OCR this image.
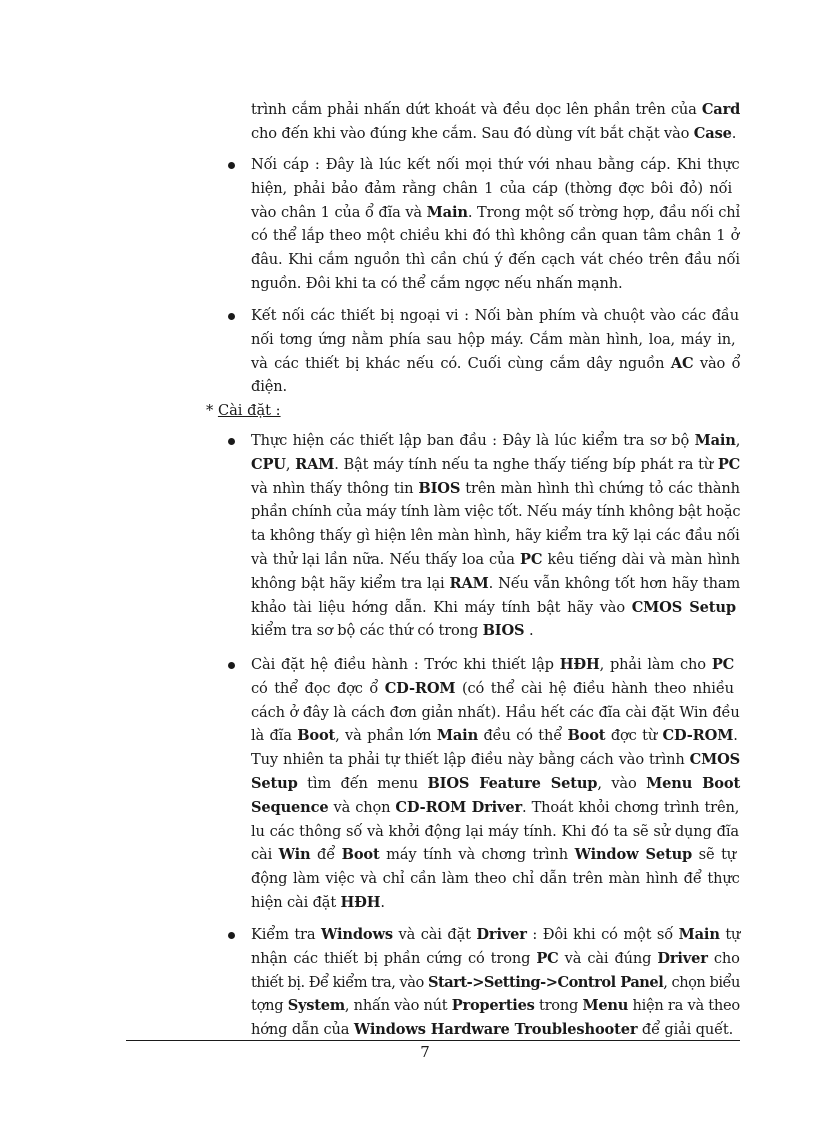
trình cắm phải nhấn dứt khoát và đều dọc lên phần trên của Card
cho đến khi vào đúng khe cắm. Sau đó dùng vít bắt chặt vào Case.
Nối cáp : Đây là lúc kết nối mọi thứ với nhau bằng cáp. Khi thực
hiện, phải bảo đảm rằng chân 1 của cáp (thờng đợc bôi đỏ) nối
vào chân 1 của ổ đĩa và Main. Trong một số trờng hợp, đầu nối chỉ
có thể lắp theo một chiều khi đó thì không cần quan tâm chân 1 ở
đâu. Khi cắm nguồn thì cần chú ý đến cạch vát chéo trên đầu nối
nguồn. Đôi khi ta có thể cắm ngợc nếu nhấn mạnh.
Kết nối các thiết bị ngoại vi : Nối bàn phím và chuột vào các đầu
nối tơng ứng nằm phía sau hộp máy. Cắm màn hình, loa, máy in,
và các thiết bị khác nếu có. Cuối cùng cắm dây nguồn AC vào ổ
điện.
Thực hiện các thiết lập ban đầu : Đây là lúc kiểm tra sơ bộ Main,
CPU, RAM. Bật máy tính nếu ta nghe thấy tiếng bíp phát ra từ PC
và nhìn thấy thông tin BIOS trên màn hình thì chứng tỏ các thành
phần chính của máy tính làm việc tốt. Nếu máy tính không bật hoặc
ta không thấy gì hiện lên màn hình, hãy kiểm tra kỹ lại các đầu nối
và thử lại lần nữa. Nếu thấy loa của PC kêu tiếng dài và màn hình
không bật hãy kiểm tra lại RAM. Nếu vẫn không tốt hơn hãy tham
khảo tài liệu hớng dẫn. Khi máy tính bật hãy vào CMOS Setup
kiểm tra sơ bộ các thứ có trong BIOS .
Cài đặt hệ điều hành : Trớc khi thiết lập HĐH, phải làm cho PC
có thể đọc đợc ổ CD-ROM (có thể cài hệ điều hành theo nhiều
cách ở đây là cách đơn giản nhất). Hầu hết các đĩa cài đặt Win đều
là đĩa Boot, và phần lớn Main đều có thể Boot đợc từ CD-ROM.
Tuy nhiên ta phải tự thiết lập điều này bằng cách vào trình CMOS
Setup tìm đến menu BIOS Feature Setup, vào Menu Boot
Sequence và chọn CD-ROM Driver. Thoát khỏi chơng trình trên,
lu các thông số và khởi động lại máy tính. Khi đó ta sẽ sử dụng đĩa
cài Win để Boot máy tính và chơng trình Window Setup sẽ tự
động làm việc và chỉ cần làm theo chỉ dẫn trên màn hình để thực
hiện cài đặt HĐH.
Kiểm tra Windows và cài đặt Driver : Đôi khi có một số Main tự
nhận các thiết bị phần cứng có trong PC và cài đúng Driver cho
thiết bị. Để kiểm tra, vào Start->Setting->Control Panel, chọn biểu
tợng System, nhấn vào nút Properties trong Menu hiện ra và theo
hớng dẫn của Windows Hardware Troubleshooter để giải quết.
* Cài đặt :
7
